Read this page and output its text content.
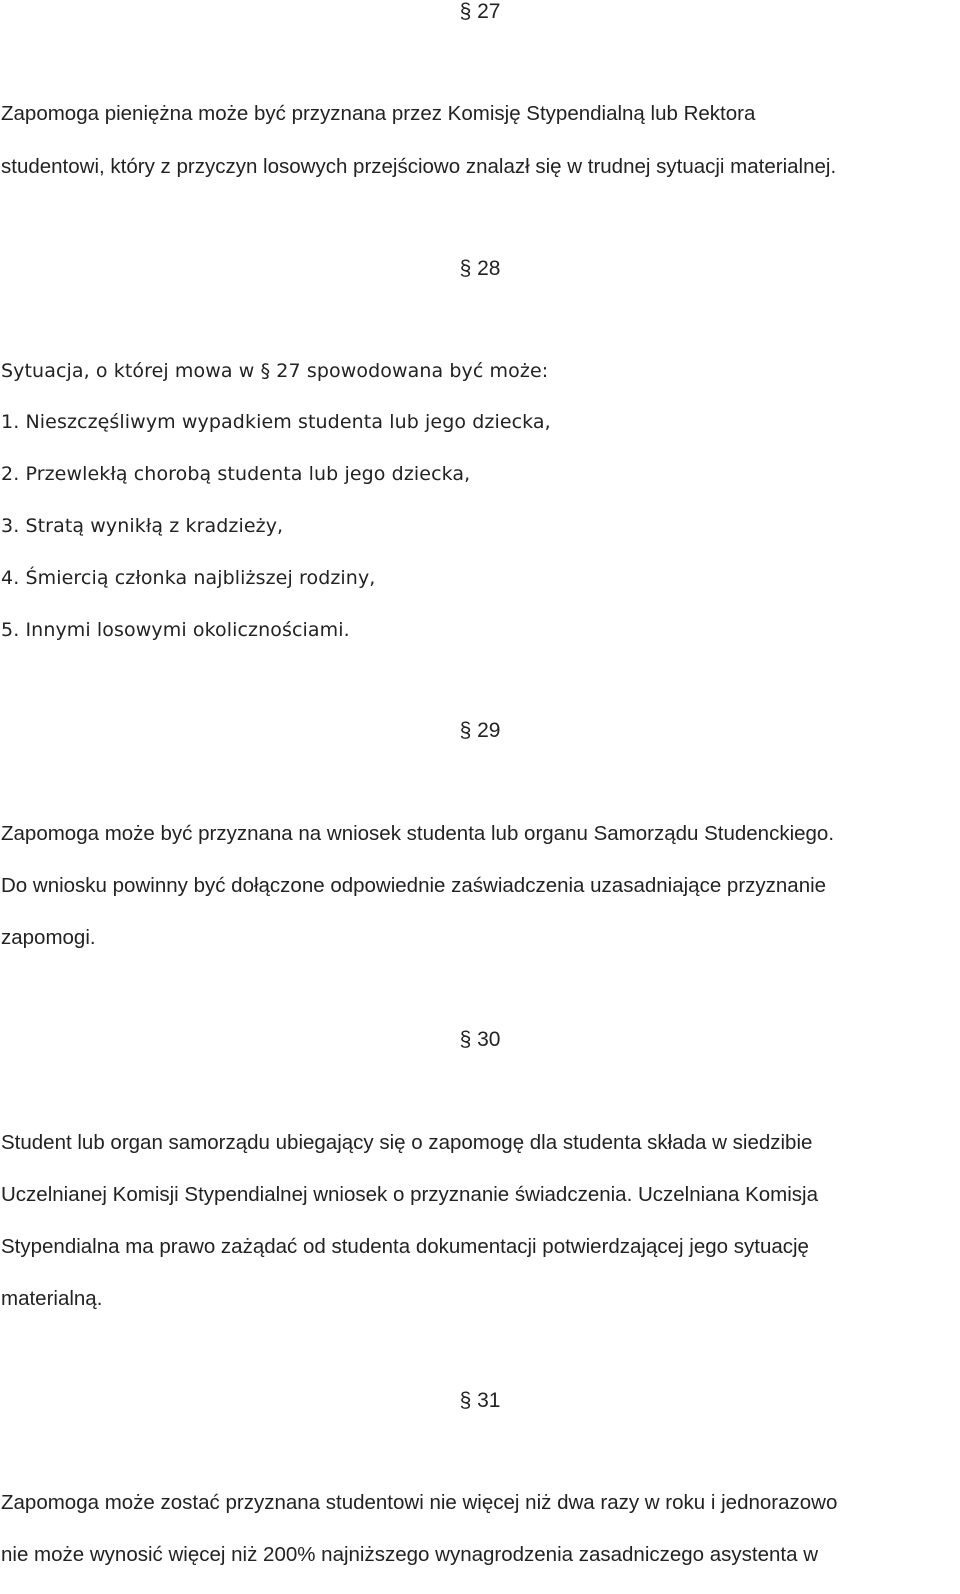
§ 27
Zapomoga pieniężna może być przyznana przez Komisję Stypendialną lub Rektora
studentowi, który z przyczyn losowych przejściowo znalazł się w trudnej sytuacji materialnej.
§ 28
Sytuacja, o której mowa w § 27 spowodowana być może:
1. Nieszczęśliwym wypadkiem studenta lub jego dziecka,
2. Przewlekłą chorobą studenta lub jego dziecka,
3. Stratą wynikłą z kradzieży,
4. Śmiercią członka najbliższej rodziny,
5. Innymi losowymi okolicznościami.
§ 29
Zapomoga może być przyznana na wniosek studenta lub organu Samorządu Studenckiego.
Do wniosku powinny być dołączone odpowiednie zaświadczenia uzasadniające przyznanie
zapomogi.
§ 30
Student lub organ samorządu ubiegający się o zapomogę dla studenta składa w siedzibie
Uczelnianej Komisji Stypendialnej wniosek o przyznanie świadczenia. Uczelniana Komisja
Stypendialna ma prawo zażądać od studenta dokumentacji potwierdzającej jego sytuację
materialną.
§ 31
Zapomoga może zostać przyznana studentowi nie więcej niż dwa razy w roku i jednorazowo
nie może wynosić więcej niż 200% najniższego wynagrodzenia zasadniczego asystenta w
